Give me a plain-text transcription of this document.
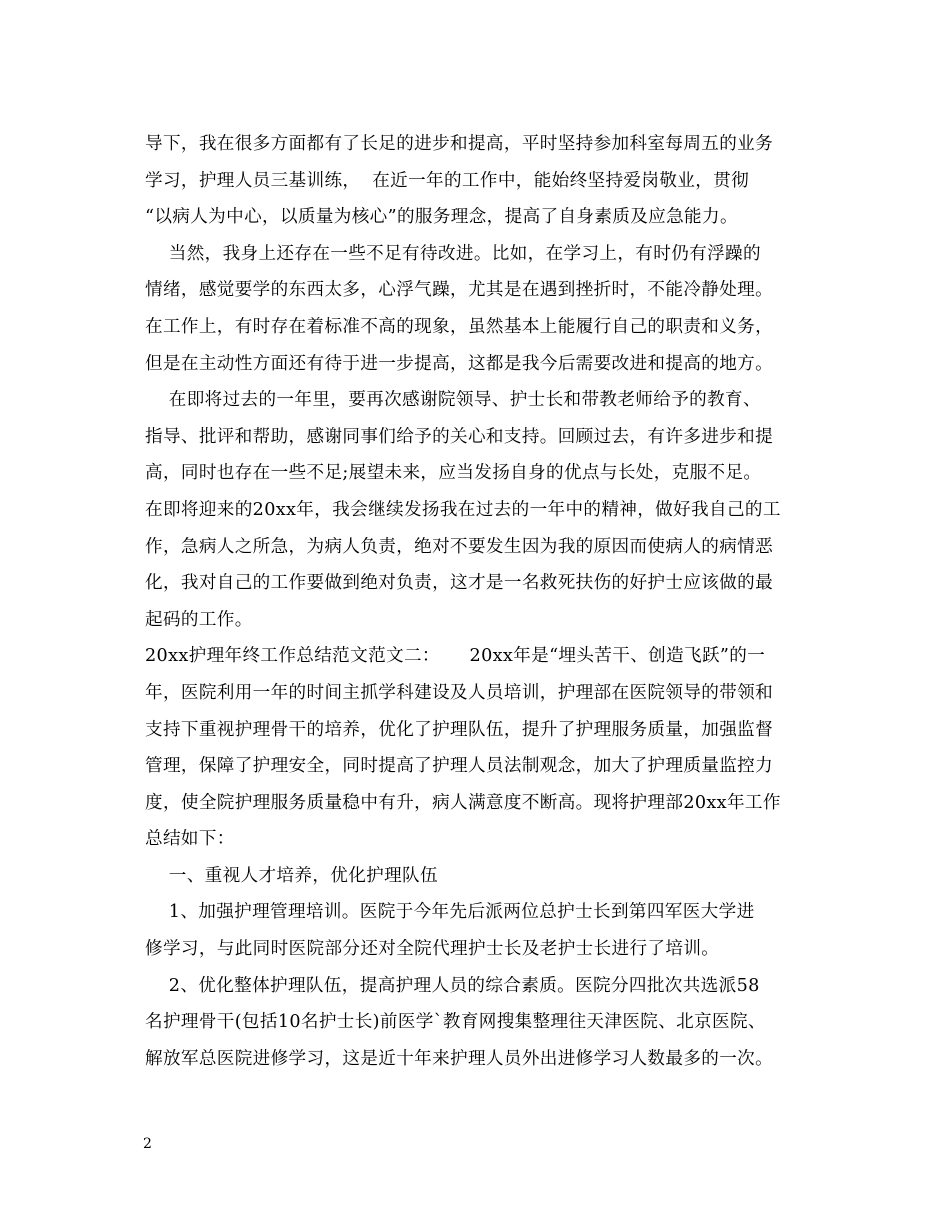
导下，我在很多方面都有了长足的进步和提高，平时坚持参加科室每周五的业务
学习，护理人员三基训练，  在近一年的工作中，能始终坚持爱岗敬业，贯彻
“以病人为中心，以质量为核心”的服务理念，提高了自身素质及应急能力。
当然，我身上还存在一些不足有待改进。比如，在学习上，有时仍有浮躁的
情绪，感觉要学的东西太多，心浮气躁，尤其是在遇到挫折时，不能冷静处理。
在工作上，有时存在着标准不高的现象，虽然基本上能履行自己的职责和义务，
但是在主动性方面还有待于进一步提高，这都是我今后需要改进和提高的地方。
在即将过去的一年里，要再次感谢院领导、护士长和带教老师给予的教育、
指导、批评和帮助，感谢同事们给予的关心和支持。回顾过去，有许多进步和提
高，同时也存在一些不足;展望未来，应当发扬自身的优点与长处，克服不足。
在即将迎来的20xx年，我会继续发扬我在过去的一年中的精神，做好我自己的工
作，急病人之所急，为病人负责，绝对不要发生因为我的原因而使病人的病情恶
化，我对自己的工作要做到绝对负责，这才是一名救死扶伤的好护士应该做的最
起码的工作。
20xx护理年终工作总结范文范文二：     20xx年是“埋头苦干、创造飞跃”的一
年，医院利用一年的时间主抓学科建设及人员培训，护理部在医院领导的带领和
支持下重视护理骨干的培养，优化了护理队伍，提升了护理服务质量，加强监督
管理，保障了护理安全，同时提高了护理人员法制观念，加大了护理质量监控力
度，使全院护理服务质量稳中有升，病人满意度不断高。现将护理部20xx年工作
总结如下：
一、重视人才培养，优化护理队伍
1、加强护理管理培训。医院于今年先后派两位总护士长到第四军医大学进
修学习，与此同时医院部分还对全院代理护士长及老护士长进行了培训。
2、优化整体护理队伍，提高护理人员的综合素质。医院分四批次共选派58
名护理骨干(包括10名护士长)前医学`教育网搜集整理往天津医院、北京医院、
解放军总医院进修学习，这是近十年来护理人员外出进修学习人数最多的一次。
2
